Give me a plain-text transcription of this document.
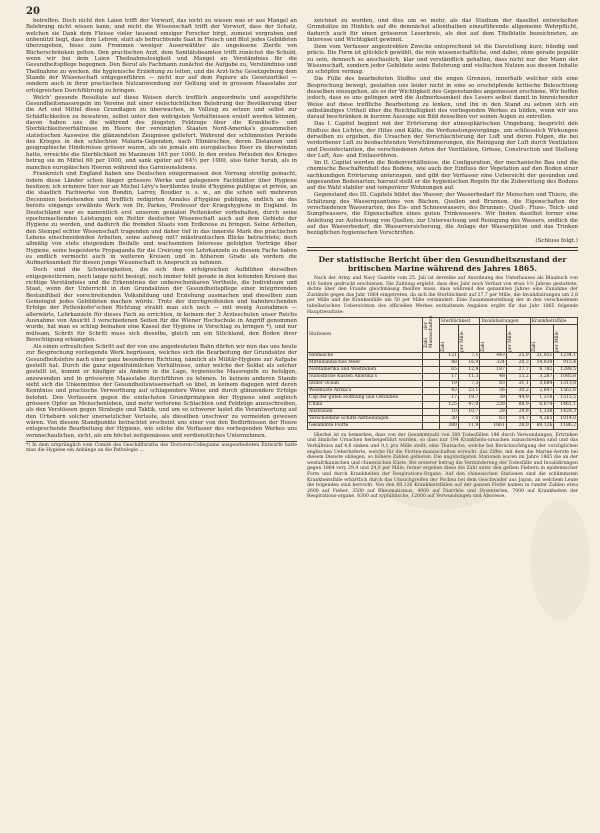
20

betreffen. Doch nicht den Laien trifft der Vorwurf, das nicht zu wissen was er aus Mangel an Belehrung nicht wissen kann, und nicht die Wissenschaft trifft der Vorwurf, dass der Schatz, welchen sie Dank dem Fleisse vieler tausend emsiger Forscher birgt, zumeist vergraben und unbenützt liegt, dass ihre Lehren, statt als befruchtende Saat in Fleisch und Blut jedes Gebildeten überzugehen, bisso zum Frommen weniger Auserwählter als ungelesene Zierde von Bücherschränken gelten. Den practischen Arzt, dem Sanitätsbeamten trifft zunächst die Schuld, wenn wir bei dem Laien Theilnahmslosigkeit und Mangel an Verständniss für die Gesundheitspflege begegnen. Den Beruf als Fachmann zunächst die Aufgabe zu, Verständniss und Theilnahme zu wecken, die hygienische Erziehung zu leiten, und die Arzt-liche Gesetzgebung dem Stande der Wissenschaft entgegenführen — nicht nur auf dem Papiere als Gesetzartikel — sondern auch in ihrer practischen Nutzanwendung zur Geltung und in grossem Maasstabe zur erfolgreichen Durchführung zu bringen.

Welch' gesunde Resultate auf diese Weisen durch trefflich angeordnete und ausgeführte Gesundheitsmassregeln im Vereine mit einer vielschichtlichen Belehrung der Bevölkerung über die Art und Mittel diese Grundlagen zu überwachen, in Vollzug zu setzen und selbst zur Schädlichkeiten zu bewahren, selbst unter den widrigsten Verhältnissen erzielt werden können, davon haben uns die während des jüngsten Feldzuge über die Krankheits- und Sterblichkeitsverhältnisse im Heere der vereinigten Staaten Nord-Amerika's gesammelten statistischen Ausweise die glänzendsten Zeugnisse geliefert. Während der schlimmsten Periode des Krieges in den schlechten Malaria-Gegenden, nach Elimärschen, deren Distanzen und geographische Hindernisse grösser waren, als sie jemals ein europäisches Heer zu überwinden hatte, erreichte die Sterblichkeit im Maximum 165 per 1000. In den ersten Perioden des Krieges betrug sie im Mittel 60 per 1000, und sank später auf 64½ per 1000, also tiefer herab, als in manchen europäischen Heeren während des Garnisonslebens.

Frankreich und England haben uns Deutschen einigermassen den Vorrang streitig gemacht, indem diese Länder schon länger grössere Werke und gelegenere Fachblätter über Hygiene besitzen; ich erinnere hier nur an Michel Lévy's berühmtes traité d'hygiène publique et privée, an die staatlich Fachwerke von Bondin, Larrey, Boudier u. s. w., an die schon seit mehreren Decennien bestehenden und trefflich redigirten Annales d'hygiène publique, endlich an das bereits eingangs erwähnte Werk von Dr. Parkes, Professor der Kriegshygiene in England. In Deutschland war es namentlich erst unserem genialen Pettenkofer vorbehalten, durch seine epochemachenden Leistungen ein Retter deutscher Wissenschaft auch auf dem Gebiete der Hygiene zu werden, und dadurch die fremden Staats vom Erdkreise zu bringen. Seine Arbeiten, den Stempel echter Wissenschaft tragenden und daher tief in das innerste Mark des practischen Lebens einschneidenden Arbeiten, seine aufweg mit? mikstrantischen Blicke betrachtete; doch allmälig von stets steigendem Beifalle und wachsendem Interesse gefolgten Vorträge über Hygiene, seine begeisterte Propaganda für die Creirung von Lehrkanzeln zu diesem Fache haben es endlich vermocht auch in weiteren Kreisen und in höherem Grade als vordem die Aufmerksamkeit für diesen junge Wissenschaft in Anspruch zu nehmen.

Doch sind die Schwierigkeiten, die sich dem erfolgreichen Aufblühen derselben entgegenstürmen, noch lange nicht besiegt, noch immer fehlt gerade in den leitenden Kreisen das richtige Verständniss und die Erkenntniss der unberechenbaren Vortheile, die Individuum und Staat, wenn der Unterricht in den Grundsätzen der Gesundheitspflege einer integrirenden Bestandtheil der vorschreitenden Volksbildung und Erziehung ausmachen und dieselben zum Gemeingut jedes Gebildeten machen würde. Trotz der durchgreifenden und bahnbrechenden Erfolge der Pettenkofer'schen Richtung strahlt man sich noch — mit wenig Ausnahmen — allerwärts, Lehrkanzeln für dieses Fach zu errichten, in keinem der 3 Ärzteschulen unser Reichs Ausnahme von Ansicht 3 verschiedenen Seiten für die Wiener Hochschule in Angriff genommen wurde, hat man es schlug beinahen eine Kassel der Hygiene in Vorschlag zu bringen *), und nur mühsam, Schritt für Schritt muss sich dieselbe, gleich um ein Stückland, den Boden ihrer Berechtigung erkämpfen.

Als einen erfreulichen Schritt auf der von uns angedeuteten Bahn dürfen wir nun das uns heute zur Besprechung vorliegende Werk begrüssen, welches sich die Bearbeitung der Grundsätze der Gesundheitslehre nach einer ganz besonderen Richtung, nämlich als Militär-Hygiene zur Aufgabe gestellt hat. Durch die ganz eigenthümlichen Verhältnisse, unter welche der Soldat als solcher gestellt ist, kommt er häufiger als Andere in die Lage, hygienische Massregeln zu befolgen, anzuwenden und in grösserem Maasstabe durchführen zu können. In keinem anderen Stande sieht sich die Unkenntniss der Gesundheitswissenschaft so übel, in keinem dagegen wird deren Kenntniss und practische Verwerthung auf schlagendere Weise und durch glänzendere Erfolge belohnt. Den Verfassern gegen die einfachsten Grundprinzipien der Hygiene sind sogleich grössere Opfer an Menschenleben, und mehr verlorene Schlachten und Feldzüge anzuschreiben, als den Verstössen gegen Strategie und Taktik, und um so schwerer lastet die Verantwortung auf den Urhebern solcher unersetzlicher Verluste, als dieselben unschwer zu vermeiden gewesen wären. Von diesem Standpunkte betrachtet erscheint uns einer von den Bedürfnissen der Heere entsprechende Bearbeitung der Hygiene, wie solche die Verfasser des vorliegenden Werkes uns veranschaulichen, sicht, als ein höchst zeitgemässes und verdienstliches Unternehmen.

*) In dem ursprünglich vom Comité des Geschäftsraths des Doctoren-Collegiums ausgearbeiteten Entwurfe hatte man die Hygiene ein Anhänge an die Pathologie …

zeichnet zu werden, und dies um so mehr, als das Studium der daselbst entwickelten Grundsätze im Hinblick auf die demnächst allenthalben einzuführende allgemeine Wehrpflicht, dadurch auch für einen grösseren Leserkreis, als den auf dem Titelblatte bezeichneten, an Interesse und Wichtigkeit gewinnt.

Dem vom Verfasser angestrebten Zwecke entsprechend ist die Darstellung kurz, bündig und präcis. Die Form ist glücklich gewählt, die rein wissenschaftliche, und dabei, ohne gerade populär zu sein, dennoch so anschaulich, klar und verständlich gehalten, dass nicht nur der Mann der Wissenschaft, sondern jeder Gebildete seine Belehrung und vielfachen Nutzen aus dessen Inhalte zu schöpfen vermag.

Die Fülle des bearbeiteten Stoffes und die engen Grenzen, innerhalb welcher sich eine Besprechung bewegt, gestatten uns leider nicht in eine so erschöpfende kritische Beleuchtung desselben einzugehen, als es der Wichtigkeit des Gegenstandes angemessen erschiene. Wir hoffen jedoch, dass es uns gelingen wird die Aufmerksamkeit des Lesers selbst damit in hinreichender Weise auf diese treffliche Bearbeitung zu lenken, und ihn in den Stand zu setzen sich ein selbständiges Urtheil über die Reichhaltigkeit des vorliegenden Werkes zu bilden, wenn wir uns darauf beschränken in kurzem Auszuge ein Bild desselben vor seinen Augen zu entrollen.

Das I. Capitel beginnt mit der Erörterung der atmosphärischen Umgebung, bespricht den Einfluss des Lichtes, der Hitze und Kälte, die Verdunstungsvorgänge, um schliesslich Wirkungen derselben zu ergeben, die Ursachen der Verschlechterung der Luft und deren Folgen, die bei verdorbener Luft zu beobachtenden Verschlimmerungen, die Reinigung der Luft durch Ventilation und Desinfectantien, die verschiedenen Arten der Ventilation, Grösse, Construction und Stellung der Luft, Aus- und Einlassröhren.

Im II. Capitel werden die Bodenverhältnisse, die Configuration, der mechanische Bau und die chemische Beschaffenheit des Bodens, wie auch der Einfluss der Vegetation auf den Boden einer sachkundigen Erörterung unterzogen, und gibt der Verfasser eine Uebersicht der gesunden und ungesunden Bodenarten; hierauf stellt er die hygienischen Regeln für die Zubereitung des Bodens auf die Wahl stabiler und temporärer Wohnungen auf.

Gegenstand des III. Capitels bildet das Wasser, der Wasserbedarf für Menschen und Thiere, die Schätzung des Wasserquantums von Bächen, Quellen und Brunnen, die Eigenschaften der verschiedenen Wasserarten, des Eis- und Schneewassers, des Brunnen-, Quell-, Fluss-, Teich- und Sumpfwassers, die Eigenschaften eines guten Trinkwassers. Wir finden daselbst ferner eine Anleitung zur Aufsuchung von Quellen, zur Untersuchung und Reinigung des Wassers, endlich die auf das Wasserbedarf, die Wasserversicherung, die Anlage der Wasserplätze und das Trinken bezüglichen hygienischen Vorschriften.

(Schluss folgt.)
Der statistische Bericht über den Gesundheitszustand der britischen Marine während des Jahres 1865.

Nach der Army and Navy Gazette vom 25. Juli ist derselbe auf Anordnung des Unterhauses als Blaubuch von 416 Seiten gedruckt erschienen. Die Zahlung ergiebt, dass dies Jahr noch Verlust von etwa 1½ Jahren gestattete, dichte über den Fraude gleichmässig theilten muss, dass während des genannten Jahres eine Zunahme der Zustände gegen das Jahr 1864 eingetreten, da sich die Sterblichkeit auf 27,7 per Mille, die Invalidisirungen um 2,8 per Mille und die Krankenfälle um 50 per Mille vermindert. Eine Zusammenstellung der in den verschiedenen tabellarischen Uebersichten des officiellen Werkes enthaltenen Angaben ergibt für das Jahr 1865 folgende Hauptresultate:

Stationen	Zahl der Mannschaften	Sterblichkeit		Invalidisirungen		Krankheitsfälle	

		Zahl	per Mille	Zahl	per Mille	Zahl	per Mille

Heimische		121	7,1	443	25,9	21,051	1234,1
Mittelländisches Meer		88	16,9	324	20,3	14,839	915,4
Nordamerika und Westindien		65	12,8	187	27,7	8,782	1288,5
Südöstliche Küsten Amerika's		17	11,3	48	15,2	3,287	1085,8
Stiller Ocean		19	7,3	83	31,1	3,684	1313,8
Westküste Afrika's		43	23,1	56	30,2	2,847	1562,6
Cap der guten Hoffnung und Ostindien		17	19,7	39	44,9	1,318	1515,5
China		125	47,0	228	88,9	6,674	1461,1
Australien		10	10,7	28	29,8	1,338	1428,3
Verschiedene Schiffs-Abtheilungen		30	7,0	63	14,7	4,265	1014,0
Gesammte Flotte		380	11,9	1661	28,0	69,126	1186,2

Hierbei ist zu bemerken, dass von der Gesammtzahl von 380 Todesfällen 186 durch Verwundungen, Ertrinken und ähnliche Ursachen herbeigeführt wurden, so dass nur 194 Krankheits-ursachen zuzuschreiben sind und das Verhältniss auf 4,6 sinken und 9,1 pro Mille stellt; eine Thatsache, welche bei Berücksichtigung der vorzüglichen englischen Ueberlieferte, welche für die Flotten-mannschaften erreicht, das Ziffer, mit dem die Marine-Aerzte bei diesem Dienste obliegen, so höhere Zahlen gebieten. Die ungünstigsten Stationen waren im Jahre 1865 die an der westafrikanischen und chinesischen Küste. Bei ersterer betrug die Verminderung der Todesfälle und Invalidirungen gegen 1864 very 29,4 und 24,0 per Mille; ferner ergeben diese die Zahl unter den gelben Fiebern in epidemischer Form und durch Krankheiten der Respirations-Organe. Auf den chinesischen Stationen sind die schlimmsten Krankheitsfälle erhärtlich durch das Umsichgreifen der Pocken bei dem Geschwader aus Japan, an welchem Leute die folgenden sind herrscht. Von den 69,126 Krankheitsfällen auf der ganzen Flotte kamen in runder Zahlen etwa 2600 auf Fieber, 3500 auf Rheumatismus, 4000 auf Diarrhöe und Dysenterien, 7000 auf Krankheiten der Respirations-organe, 8300 auf syphilitische, 12000 auf Verwundungen und Abscesse.
